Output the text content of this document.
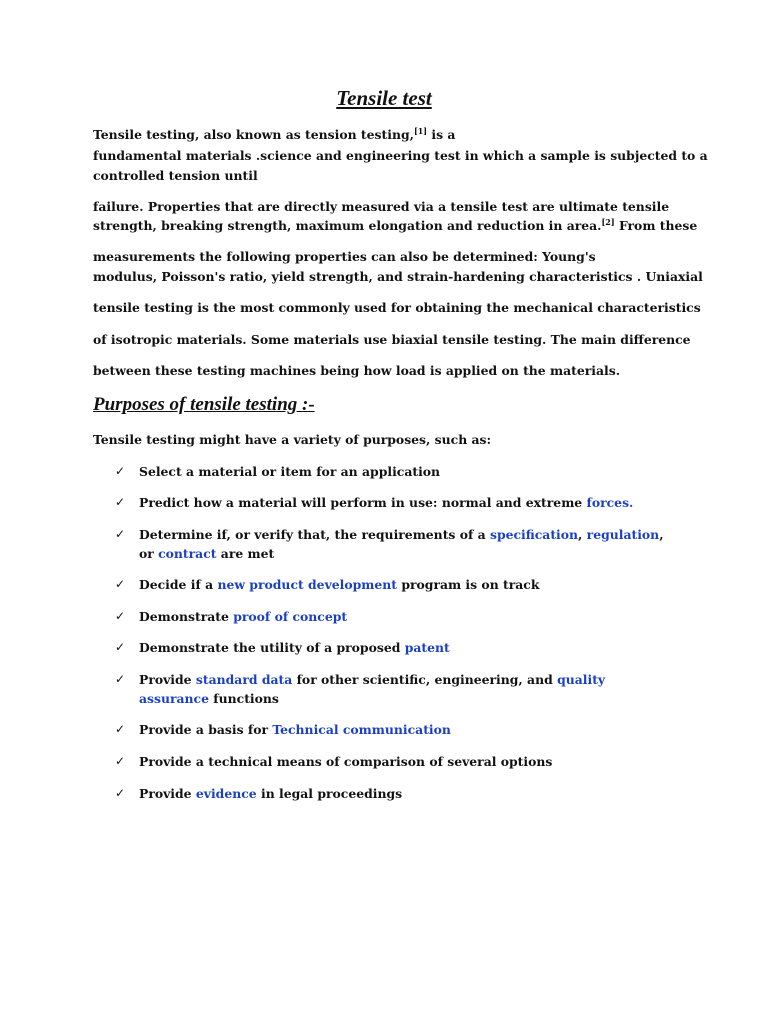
Tensile test

Tensile testing, also known as tension testing,[1] is a

fundamental materials .science and engineering test in which a sample is subjected to a

controlled tension until

failure. Properties that are directly measured via a tensile test are ultimate tensile

strength, breaking strength, maximum elongation and reduction in area.[2] From these

measurements the following properties can also be determined: Young's

modulus, Poisson's ratio, yield strength, and strain-hardening characteristics . Uniaxial

tensile testing is the most commonly used for obtaining the mechanical characteristics

of isotropic materials. Some materials use biaxial tensile testing. The main difference

between these testing machines being how load is applied on the materials.

Purposes of tensile testing :-

Tensile testing might have a variety of purposes, such as:

✓	Select a material or item for an application
✓	Predict how a material will perform in use: normal and extreme forces.
✓	Determine if, or verify that, the requirements of a specification, regulation,
or contract are met
✓	Decide if a new product development program is on track
✓	Demonstrate proof of concept
✓	Demonstrate the utility of a proposed patent
✓	Provide standard data for other scientific, engineering, and quality
assurance functions
✓	Provide a basis for Technical communication
✓	Provide a technical means of comparison of several options
✓	Provide evidence in legal proceedings
